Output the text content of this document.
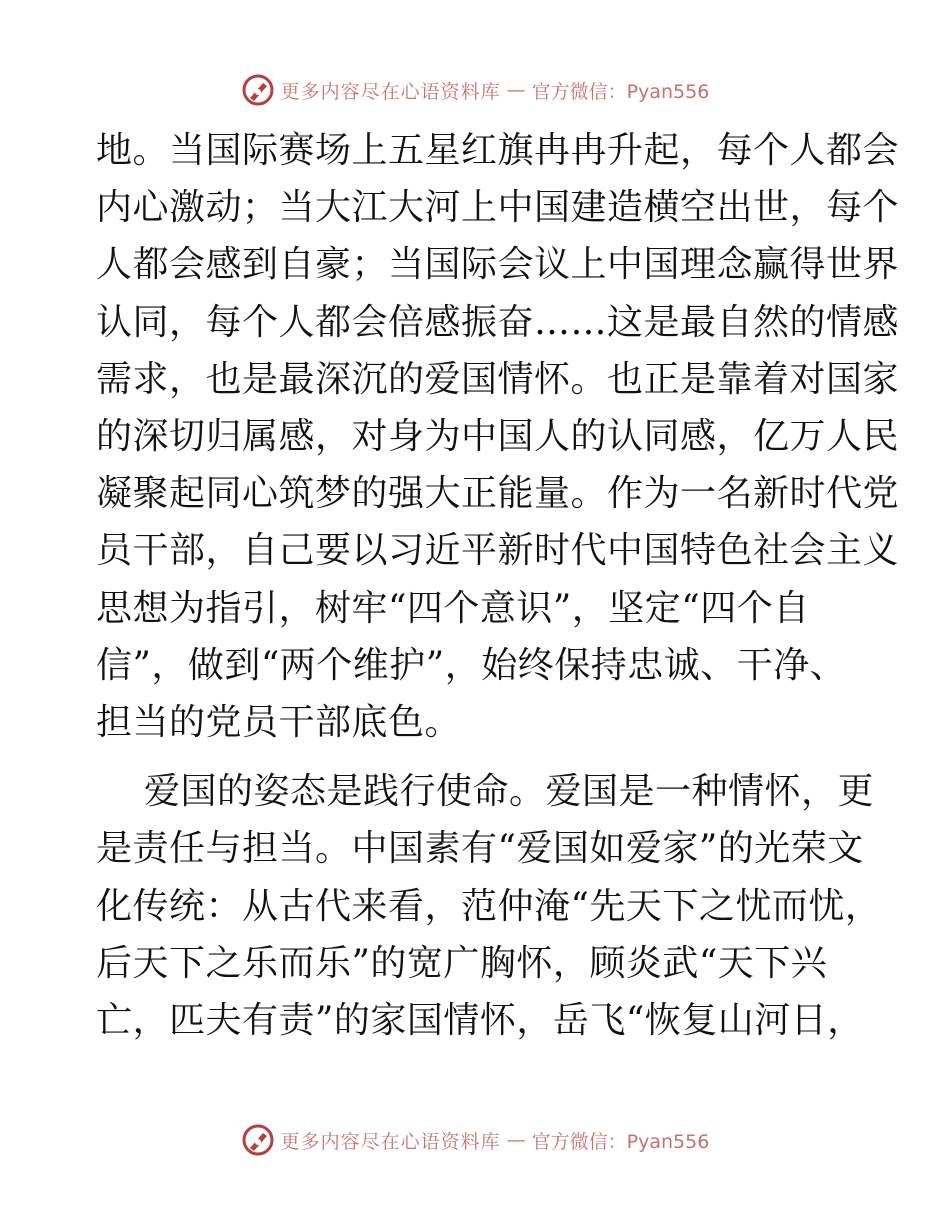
更多内容尽在心语资料库 — 官方微信：Pyan556

地。当国际赛场上五星红旗冉冉升起，每个人都会
内心激动；当大江大河上中国建造横空出世，每个
人都会感到自豪；当国际会议上中国理念赢得世界
认同，每个人都会倍感振奋……这是最自然的情感
需求，也是最深沉的爱国情怀。也正是靠着对国家
的深切归属感，对身为中国人的认同感，亿万人民
凝聚起同心筑梦的强大正能量。作为一名新时代党
员干部，自己要以习近平新时代中国特色社会主义
思想为指引，树牢“四个意识”，坚定“四个自
信”，做到“两个维护”，始终保持忠诚、干净、
担当的党员干部底色。

爱国的姿态是践行使命。爱国是一种情怀，更
是责任与担当。中国素有“爱国如爱家”的光荣文
化传统：从古代来看，范仲淹“先天下之忧而忧，
后天下之乐而乐”的宽广胸怀，顾炎武“天下兴
亡，匹夫有责”的家国情怀，岳飞“恢复山河日，

更多内容尽在心语资料库 — 官方微信：Pyan556
